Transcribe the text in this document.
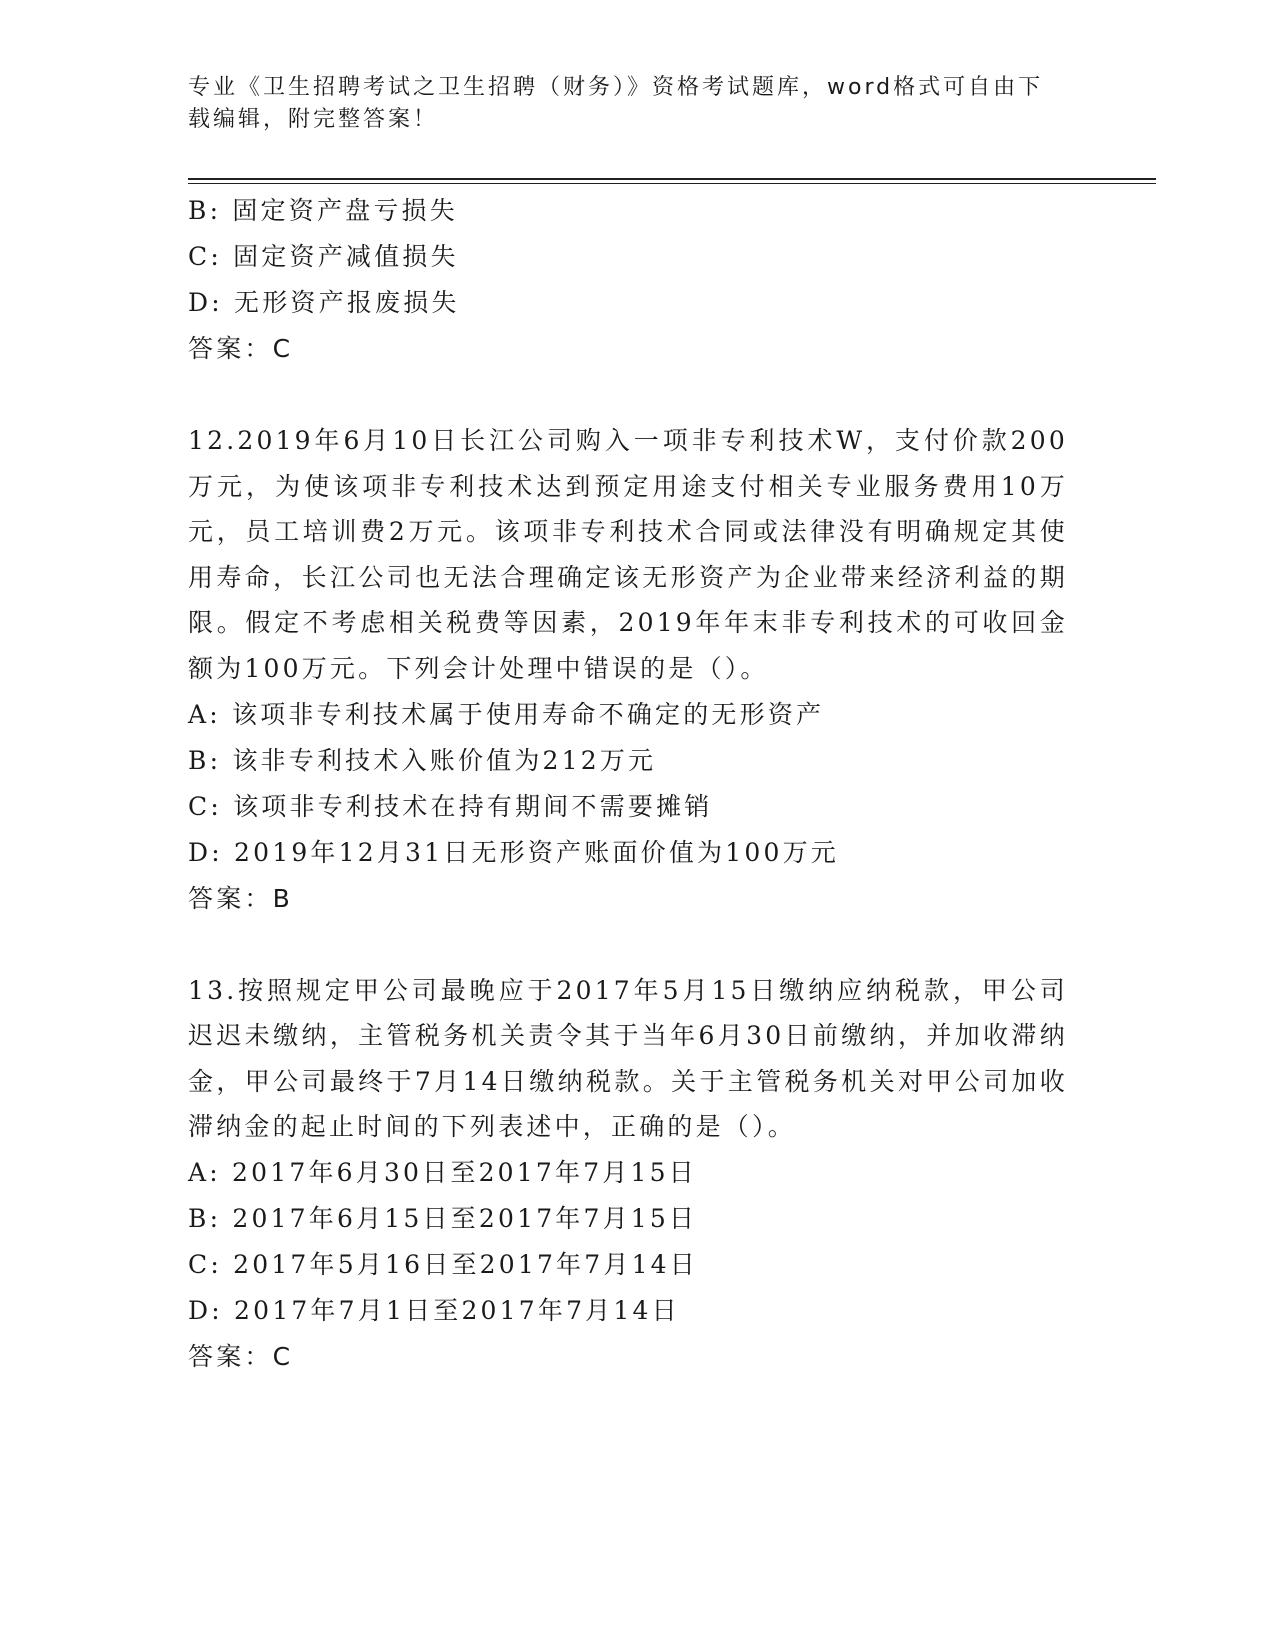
专业《卫生招聘考试之卫生招聘（财务）》资格考试题库，word格式可自由下载编辑，附完整答案！
B: 固定资产盘亏损失
C: 固定资产减值损失
D: 无形资产报废损失
答案：C
12.2019年6月10日长江公司购入一项非专利技术W，支付价款200万元，为使该项非专利技术达到预定用途支付相关专业服务费用10万元，员工培训费2万元。该项非专利技术合同或法律没有明确规定其使用寿命，长江公司也无法合理确定该无形资产为企业带来经济利益的期限。假定不考虑相关税费等因素，2019年年末非专利技术的可收回金额为100万元。下列会计处理中错误的是（）。
A: 该项非专利技术属于使用寿命不确定的无形资产
B: 该非专利技术入账价值为212万元
C: 该项非专利技术在持有期间不需要摊销
D: 2019年12月31日无形资产账面价值为100万元
答案：B
13.按照规定甲公司最晚应于2017年5月15日缴纳应纳税款，甲公司迟迟未缴纳，主管税务机关责令其于当年6月30日前缴纳，并加收滞纳金，甲公司最终于7月14日缴纳税款。关于主管税务机关对甲公司加收滞纳金的起止时间的下列表述中，正确的是（）。
A: 2017年6月30日至2017年7月15日
B: 2017年6月15日至2017年7月15日
C: 2017年5月16日至2017年7月14日
D: 2017年7月1日至2017年7月14日
答案：C
